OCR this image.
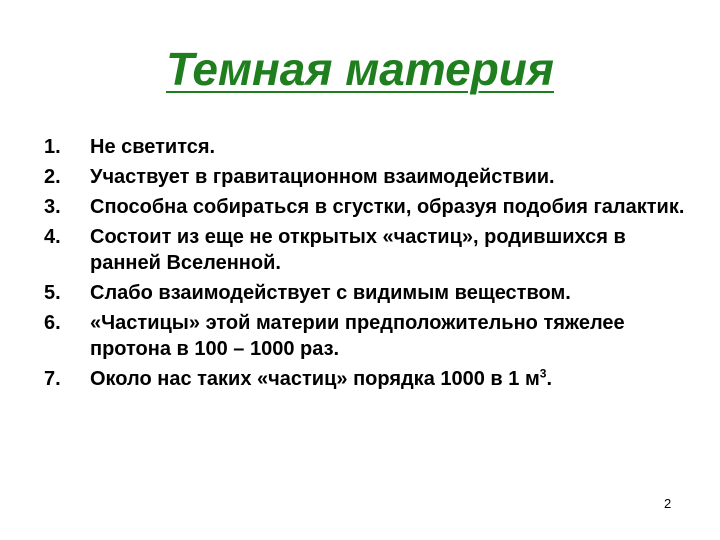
Темная материя
1.	Не светится.
2.	Участвует в гравитационном взаимодействии.
3.	Способна собираться в сгустки, образуя подобия галактик.
4.	Состоит из еще не открытых «частиц», родившихся в ранней Вселенной.
5.	Слабо взаимодействует с видимым веществом.
6.	«Частицы» этой материи предположительно тяжелее протона в 100 – 1000 раз.
7.	Около нас таких «частиц» порядка 1000 в 1 $м^3$.
2
